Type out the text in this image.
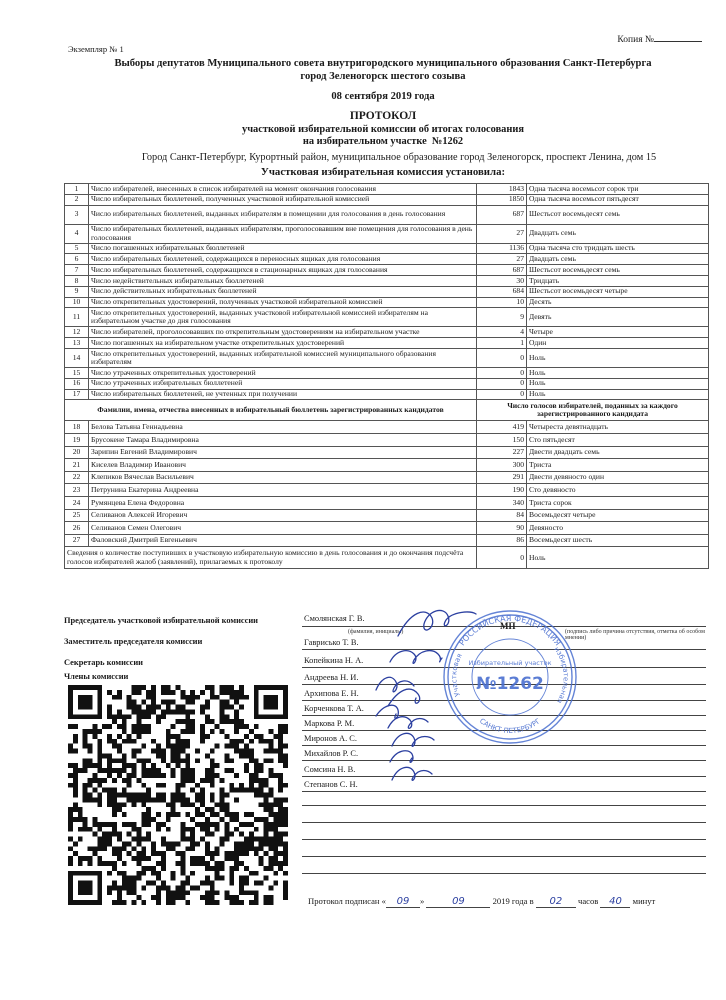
Копия №
Экземпляр № 1
Выборы депутатов Муниципального совета внутригородского муниципального образования Санкт-Петербурга
город Зеленогорск шестого созыва
08 сентября 2019 года
ПРОТОКОЛ
участковой избирательной комиссии об итогах голосования
на избирательном участке №1262
Город Санкт-Петербург, Курортный район, муниципальное образование город Зеленогорск, проспект Ленина, дом 15
Участковая избирательная комиссия установила:
1	Число избирателей, внесенных в список избирателей на момент окончания голосования	1843	Одна тысяча восемьсот сорок три
2	Число избирательных бюллетеней, полученных участковой избирательной комиссией	1850	Одна тысяча восемьсот пятьдесят
3	Число избирательных бюллетеней, выданных избирателям в помещении для голосования в день голосования	687	Шестьсот восемьдесят семь
4	Число избирательных бюллетеней, выданных избирателям, проголосовавшим вне помещения для голосования в день голосования	27	Двадцать семь
5	Число погашенных избирательных бюллетеней	1136	Одна тысяча сто тридцать шесть
6	Число избирательных бюллетеней, содержащихся в переносных ящиках для голосования	27	Двадцать семь
7	Число избирательных бюллетеней, содержащихся в стационарных ящиках для голосования	687	Шестьсот восемьдесят семь
8	Число недействительных избирательных бюллетеней	30	Тридцать
9	Число действительных избирательных бюллетеней	684	Шестьсот восемьдесят четыре
10	Число открепительных удостоверений, полученных участковой избирательной комиссией	10	Десять
11	Число открепительных удостоверений, выданных участковой избирательной комиссией избирателям на избирательном участке до дня голосования	9	Девять
12	Число избирателей, проголосовавших по открепительным удостоверениям на избирательном участке	4	Четыре
13	Число погашенных на избирательном участке открепительных удостоверений	1	Один
14	Число открепительных удостоверений, выданных избирательной комиссией муниципального образования избирателям	0	Ноль
15	Число утраченных открепительных удостоверений	0	Ноль
16	Число утраченных избирательных бюллетеней	0	Ноль
17	Число избирательных бюллетеней, не учтенных при получении	0	Ноль
Фамилии, имена, отчества внесенных в избирательный бюллетень зарегистрированных кандидатов		Число голосов избирателей, поданных за каждого зарегистрированного кандидата	
18	Белова Татьяна Геннадьевна	419	Четыреста девятнадцать
19	Брусокене Тамара Владимировна	150	Сто пятьдесят
20	Зарипин Евгений Владимирович	227	Двести двадцать семь
21	Киселев Владимир Иванович	300	Триста
22	Клепиков Вячеслав Васильевич	291	Двести девяносто один
23	Петрунина Екатерина Андреевна	190	Сто девяносто
24	Румянцева Елена Федоровна	340	Триста сорок
25	Селиванов Алексей Игоревич	84	Восемьдесят четыре
26	Селиванов Семен Олегович	90	Девяносто
27	Фаловский Дмитрий Евгеньевич	86	Восемьдесят шесть
Сведения о количестве поступивших в участковую избирательную комиссию в день голосования и до окончания подсчёта голосов избирателей жалоб (заявлений), прилагаемых к протоколу		0	Ноль
Председатель участковой избирательной комиссии	Смолянская Г. В.
(фамилия, инициалы)
МП
(подпись либо причина отсутствия, отметка об особом мнении)
Заместитель председателя комиссии	Гаврисько Т. В.
Секретарь комиссии	Копейкина Н. А.
Члены комиссии	Андреева Н. И.
Архипова Е. Н.
Корченкова Т. А.
Маркова Р. М.
Миронов А. С.
Михайлов Р. С.
Сомсина Н. В.
Степанов С. Н.
РОССИЙСКАЯ ФЕДЕРАЦИЯ
Участковая
избирательная
САНКТ-ПЕТЕРБУРГ
Избирательный участок
№1262
Протокол подписан « 09 »	09	2019 года в 02 часов 40 минут
